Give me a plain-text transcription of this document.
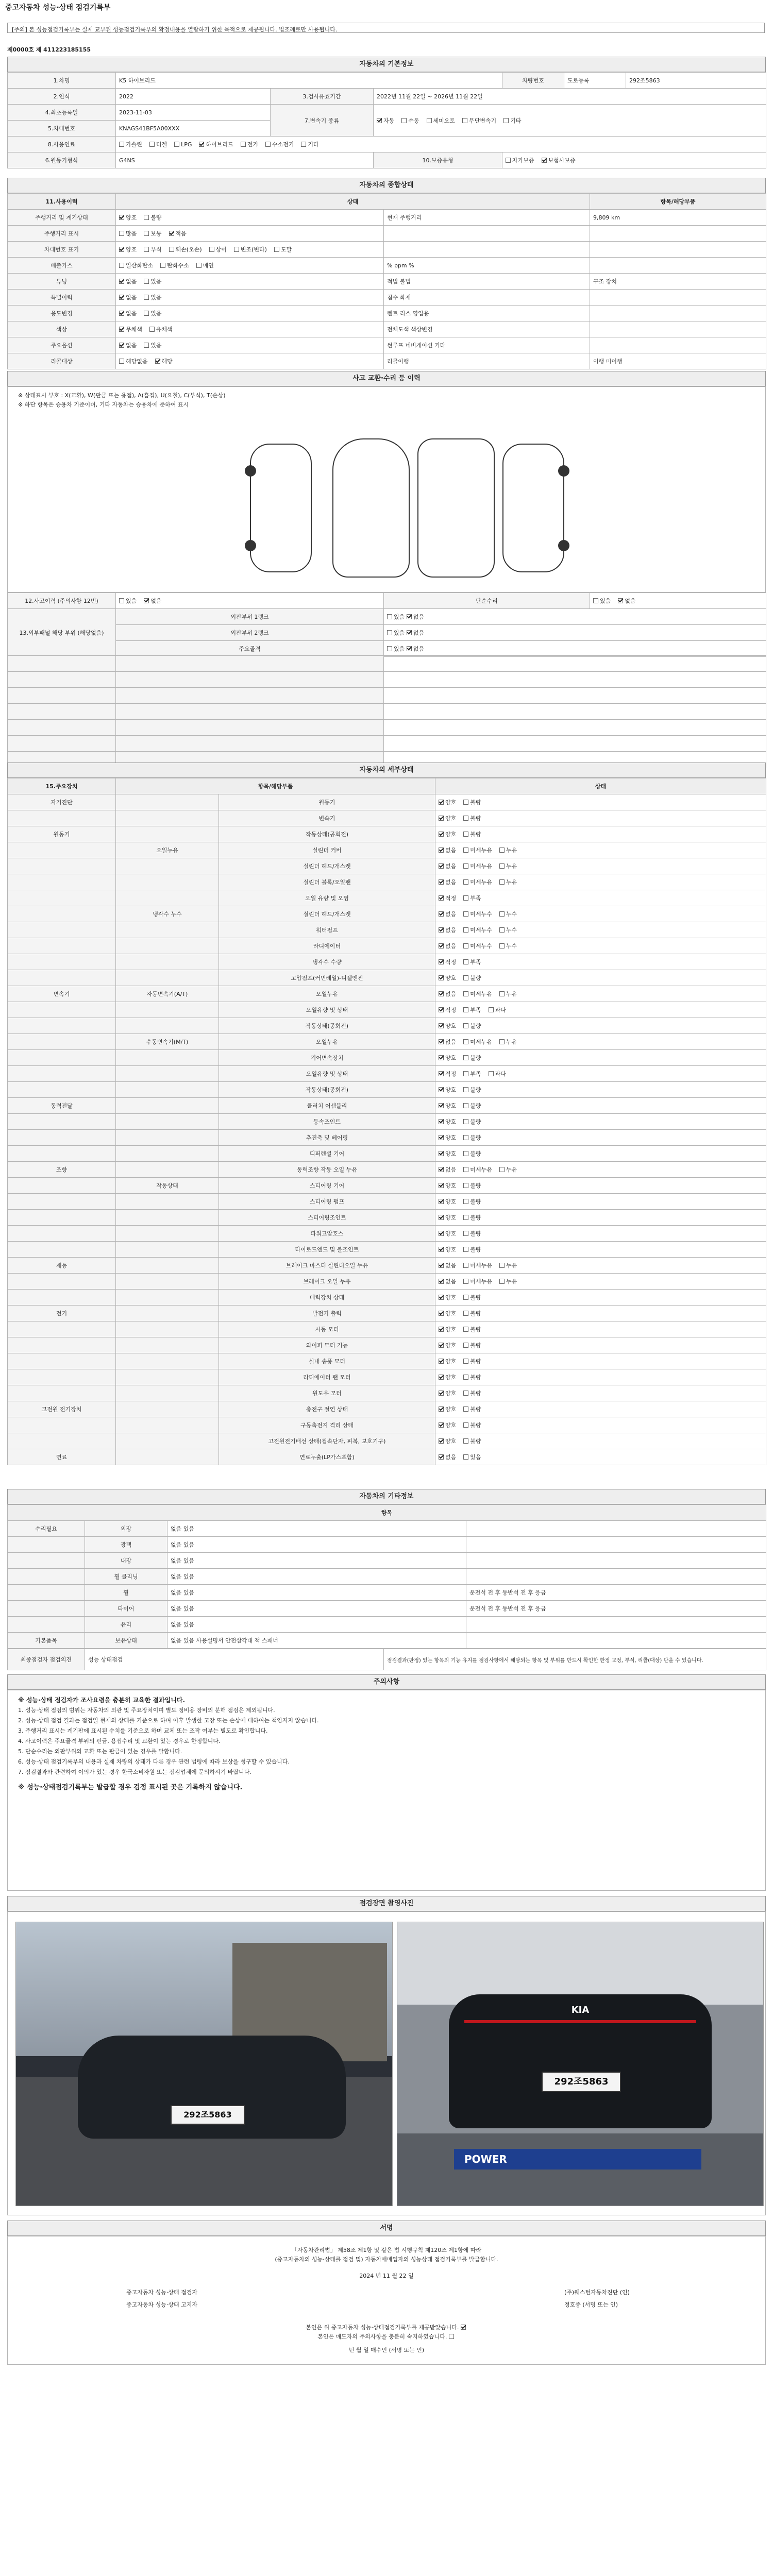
중고자동차 성능·상태 점검기록부
[주의] 본 성능점검기록부는 실제 교부된 성능점검기록부의 확정내용을 열람하기 위한 목적으로 제공됩니다. 법조례로만 사용됩니다.
제0000호 제 411223185155
자동차의 기본정보
1.차명	K5 하이브리드			차량번호	도로등록	292조5863
2.연식	2022	3.검사유효기간	2022년 11월 22일 ~ 2026년 11월 22일			
4.최초등록일	2023-11-03	7.변속기 종류	자동 수동 세미오토 무단변속기 기타			
5.차대번호	KNAGS41BF5A00XXX					
8.사용연료	가솔린 디젤 LPG 하이브리드 전기 수소전기 기타					
6.원동기형식	G4NS		10.보증유형	자가보증 보험사보증		
자동차의 종합상태
11.사용이력	상태		항목/해당부품
주행거리 및 계기상태	양호 불량	현재 주행거리	9,809 km
주행거리 표시	많음 보통 적음		
차대번호 표기	양호 부식 훼손(오손) 상이 변조(변타) 도말		
배출가스	일산화탄소 탄화수소 매연	% ppm %	
튜닝	없음 있음	적법 불법	구조 장치
특별이력	없음 있음	침수 화재	
용도변경	없음 있음	렌트 리스 영업용	
색상	무채색 유채색	전체도색 색상변경	
주요옵션	없음 있음	썬루프 네비게이션 기타	
리콜대상	해당없음 해당	리콜이행	이행 미이행
사고 교환·수리 등 이력
※ 상태표시 부호 : X(교환), W(판금 또는 용접), A(흠집), U(요철), C(부식), T(손상)
※ 하단 항목은 승용차 기준이며, 기타 자동차는 승용차에 준하여 표시
12.사고이력 (주의사항 12번)	있음 없음	단순수리	있음 없음
13.외부패널 해당 부위 (해당없음)	외판부위 1랭크	있음 없음	
	외판부위 2랭크	있음 없음	
	주요골격	있음 없음	

자동차의 세부상태
15.주요장치	항목/해당부품		상태
자기진단		원동기	양호 불량
		변속기	양호 불량
원동기		작동상태(공회전)	양호 불량
	오일누유	실린더 커버	없음 미세누유 누유
		실린더 헤드/개스켓	없음 미세누유 누유
		실린더 블록/오일팬	없음 미세누유 누유
		오일 유량 및 오염	적정 부족
	냉각수 누수	실린더 헤드/개스켓	없음 미세누수 누수
		워터펌프	없음 미세누수 누수
		라디에이터	없음 미세누수 누수
		냉각수 수량	적정 부족
		고압펌프(커먼레일)-디젤엔진	양호 불량
변속기	자동변속기(A/T)	오일누유	없음 미세누유 누유
		오일유량 및 상태	적정 부족 과다
		작동상태(공회전)	양호 불량
	수동변속기(M/T)	오일누유	없음 미세누유 누유
		기어변속장치	양호 불량
		오일유량 및 상태	적정 부족 과다
		작동상태(공회전)	양호 불량
동력전달		클러치 어셈블리	양호 불량
		등속조인트	양호 불량
		추진축 및 베어링	양호 불량
		디퍼렌셜 기어	양호 불량
조향		동력조향 작동 오일 누유	없음 미세누유 누유
	작동상태	스티어링 기어	양호 불량
		스티어링 펌프	양호 불량
		스티어링조인트	양호 불량
		파워고압호스	양호 불량
		타이로드엔드 및 볼조인트	양호 불량
제동		브레이크 마스터 실린더오일 누유	없음 미세누유 누유
		브레이크 오일 누유	없음 미세누유 누유
		배력장치 상태	양호 불량
전기		발전기 출력	양호 불량
		시동 모터	양호 불량
		와이퍼 모터 기능	양호 불량
		실내 송풍 모터	양호 불량
		라디에이터 팬 모터	양호 불량
		윈도우 모터	양호 불량
고전원 전기장치		충전구 절연 상태	양호 불량
		구동축전지 격리 상태	양호 불량
		고전원전기배선 상태(접속단자, 피복, 보호기구)	양호 불량
연료		연료누출(LP가스포함)	없음 있음
자동차의 기타정보
항목			
수리필요	외장	없음 있음	
	광택	없음 있음	
	내장	없음 있음	
	휠 클리닝	없음 있음	
	휠	없음 있음	운전석 전 후 동반석 전 후 응급
	타이어	없음 있음	운전석 전 후 동반석 전 후 응급
	유리	없음 있음	
기본품목	보유상태	없음 있음 사용설명서 안전삼각대 잭 스패너	
최종점검자 점검의견	성능 상태점검	점검결과(판정) 있는 항목의 기능 유지를 점검사항에서 해당되는 항목 및 부위를 반드시 확인한 한정 교정, 부식, 리콜(대상) 단을 수 있습니다.
주의사항

※ 성능·상태 점검자가 조사요령을 충분히 교육한 결과입니다.

1. 성능·상태 점검의 범위는 자동차의 외관 및 주요장치이며 별도 정비용 장비의 분해 점검은 제외됩니다.

2. 성능·상태 점검 결과는 점검일 현재의 상태를 기준으로 하며 이후 발생한 고장 또는 손상에 대하여는 책임지지 않습니다.

3. 주행거리 표시는 계기판에 표시된 수치를 기준으로 하며 교체 또는 조작 여부는 별도로 확인합니다.

4. 사고이력은 주요골격 부위의 판금, 용접수리 및 교환이 있는 경우로 한정합니다.

5. 단순수리는 외판부위의 교환 또는 판금이 있는 경우를 말합니다.

6. 성능·상태 점검기록부의 내용과 실제 차량의 상태가 다른 경우 관련 법령에 따라 보상을 청구할 수 있습니다.

7. 점검결과와 관련하여 이의가 있는 경우 한국소비자원 또는 점검업체에 문의하시기 바랍니다.

※ 성능·상태점검기록부는 발급할 경우 검정 표시된 곳은 기록하지 않습니다.

점검장면 촬영사진
292조5863
KIA
292조5863
POWER
서명
「자동차관리법」 제58조 제1항 및 같은 법 시행규칙 제120조 제1항에 따라
(중고자동차의 성능·상태를 점검 및) 자동차매매업자의 성능상태 점검기록부를 발급합니다.
2024 년 11 월 22 일
중고자동차 성능·상태 점검자	(주)웨스턴자동차진단 (인)
중고자동차 성능·상태 고지자	정호종 (서명 또는 인)
본인은 위 중고자동차 성능·상태점검기록부를 제공받았습니다.
본인은 매도자의 주의사항을 충분히 숙지하였습니다.
년 월 일 매수인 (서명 또는 인)
